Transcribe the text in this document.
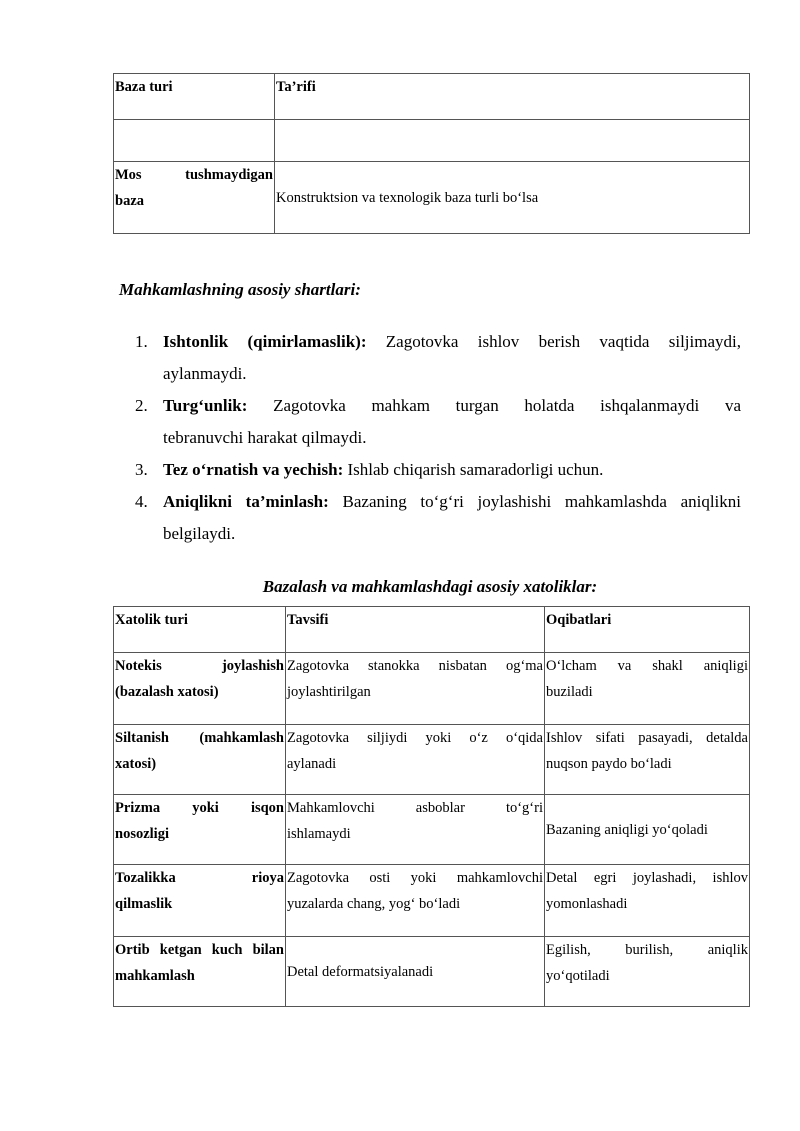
Baza turi	Ta’rifi

Mos tushmaydigan
baza	Konstruktsion va texnologik baza turli bo‘lsa
Mahkamlashning asosiy shartlari:
1. Ishtonlik (qimirlamaslik): Zagotovka ishlov berish vaqtida siljimaydi,
aylanmaydi.
2. Turg‘unlik: Zagotovka mahkam turgan holatda ishqalanmaydi va
tebranuvchi harakat qilmaydi.
3. Tez o‘rnatish va yechish: Ishlab chiqarish samaradorligi uchun.
4. Aniqlikni ta’minlash: Bazaning to‘g‘ri joylashishi mahkamlashda aniqlikni
belgilaydi.
Bazalash va mahkamlashdagi asosiy xatoliklar:
Xatolik turi	Tavsifi	Oqibatlari

Notekis joylashish
(bazalash xatosi)	Zagotovka stanokka nisbatan og‘ma
joylashtirilgan	O‘lcham va shakl aniqligi
buziladi

Siltanish (mahkamlash
xatosi)	Zagotovka siljiydi yoki o‘z o‘qida
aylanadi	Ishlov sifati pasayadi, detalda
nuqson paydo bo‘ladi

Prizma yoki isqon
nosozligi	Mahkamlovchi asboblar to‘g‘ri
ishlamaydi	Bazaning aniqligi yo‘qoladi

Tozalikka rioya
qilmaslik	Zagotovka osti yoki mahkamlovchi
yuzalarda chang, yog‘ bo‘ladi	Detal egri joylashadi, ishlov
yomonlashadi

Ortib ketgan kuch bilan
mahkamlash	Detal deformatsiyalanadi	Egilish, burilish, aniqlik
yo‘qotiladi
